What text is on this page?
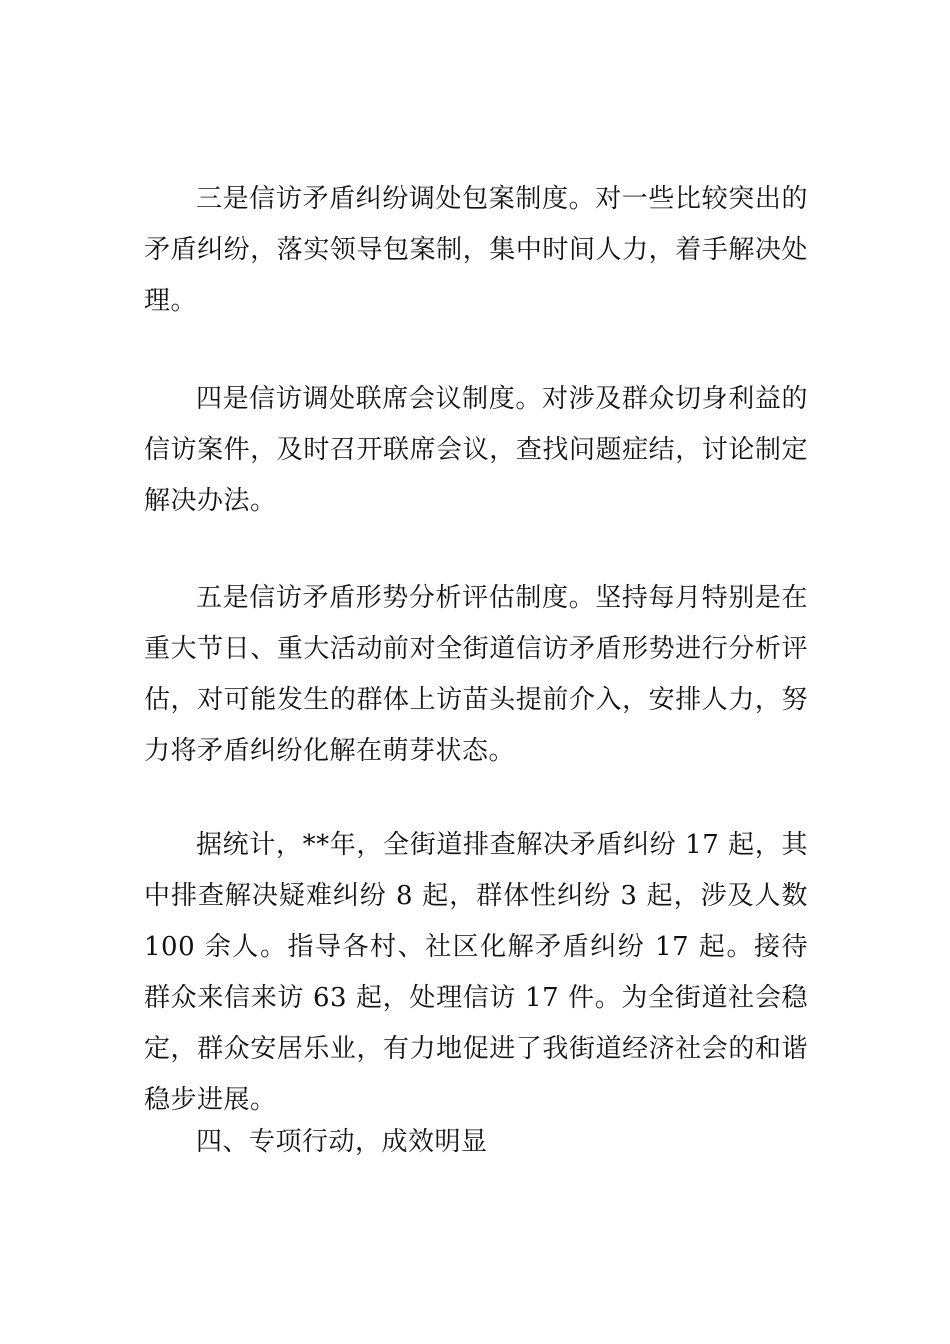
三是信访矛盾纠纷调处包案制度。对一些比较突出的矛盾纠纷，落实领导包案制，集中时间人力，着手解决处理。

四是信访调处联席会议制度。对涉及群众切身利益的信访案件，及时召开联席会议，查找问题症结，讨论制定解决办法。

五是信访矛盾形势分析评估制度。坚持每月特别是在重大节日、重大活动前对全街道信访矛盾形势进行分析评估，对可能发生的群体上访苗头提前介入，安排人力，努力将矛盾纠纷化解在萌芽状态。

据统计，**年，全街道排查解决矛盾纠纷 17 起，其中排查解决疑难纠纷 8 起，群体性纠纷 3 起，涉及人数 100 余人。指导各村、社区化解矛盾纠纷 17 起。接待群众来信来访 63 起，处理信访 17 件。为全街道社会稳定，群众安居乐业，有力地促进了我街道经济社会的和谐稳步进展。

四、专项行动，成效明显
